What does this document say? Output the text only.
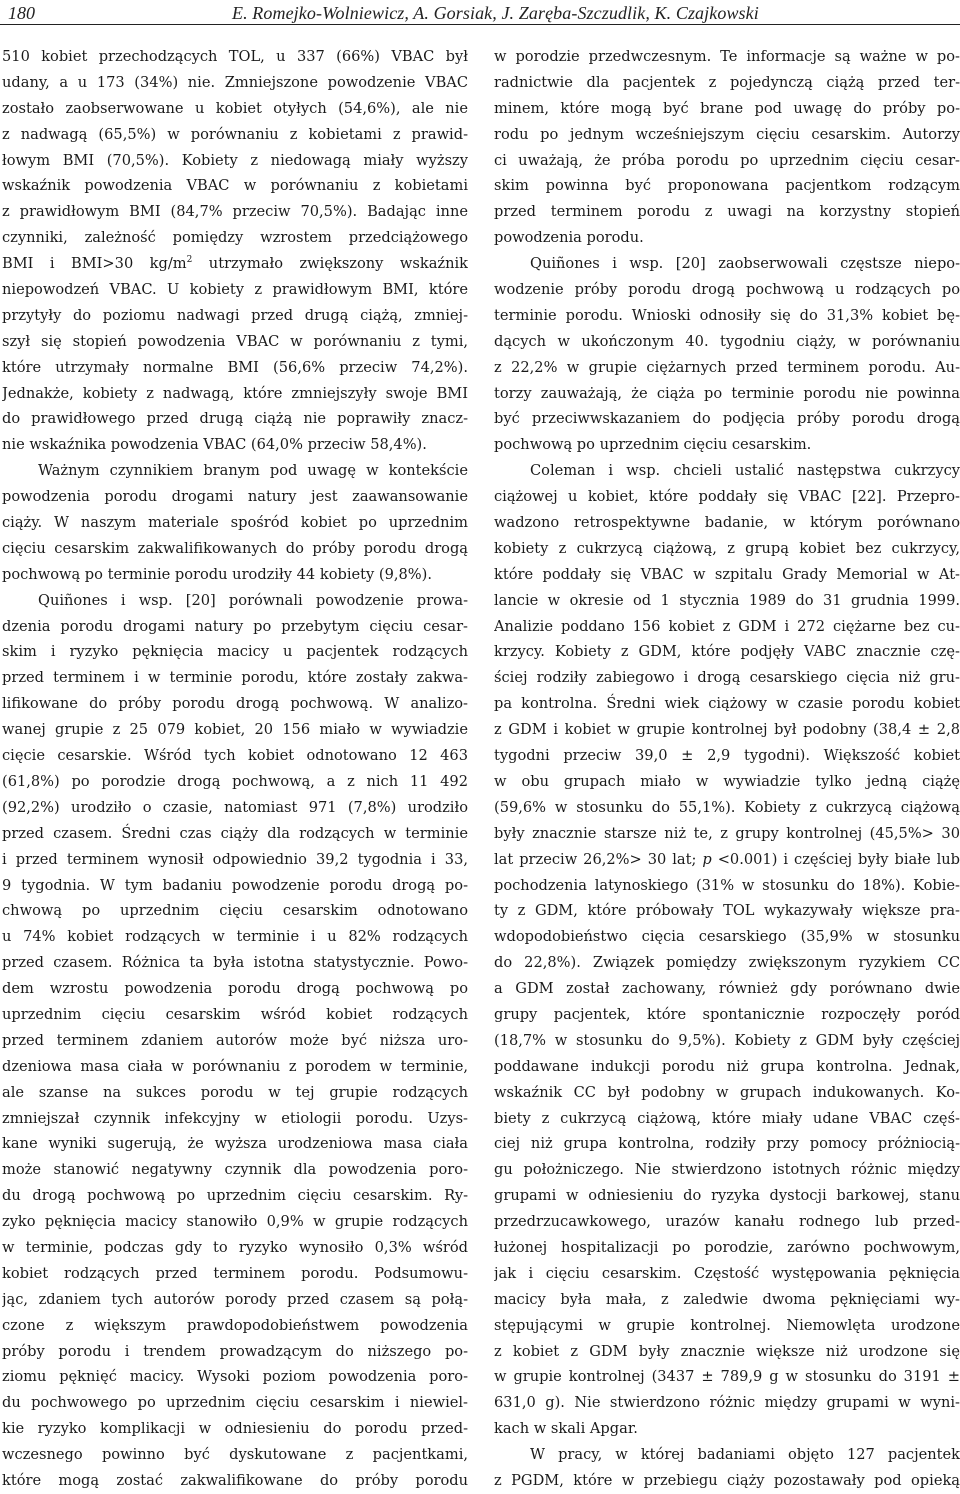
180	E. Romejko-Wolniewicz, A. Gorsiak, J. Zaręba-Szczudlik, K. Czajkowski
510 kobiet przechodzących TOL, u 337 (66%) VBAC był
udany, a u 173 (34%) nie. Zmniejszone powodzenie VBAC
zostało zaobserwowane u kobiet otyłych (54,6%), ale nie
z nadwagą (65,5%) w porównaniu z kobietami z prawid-
łowym BMI (70,5%). Kobiety z niedowagą miały wyższy
wskaźnik powodzenia VBAC w porównaniu z kobietami
z prawidłowym BMI (84,7% przeciw 70,5%). Badając inne
czynniki, zależność pomiędzy wzrostem przedciążowego
BMI i BMI>30 $kg/m^2$ utrzymało zwiększony wskaźnik
niepowodzeń VBAC. U kobiety z prawidłowym BMI, które
przytyły do poziomu nadwagi przed drugą ciążą, zmniej-
szył się stopień powodzenia VBAC w porównaniu z tymi,
które utrzymały normalne BMI (56,6% przeciw 74,2%).
Jednakże, kobiety z nadwagą, które zmniejszyły swoje BMI
do prawidłowego przed drugą ciążą nie poprawiły znacz-
nie wskaźnika powodzenia VBAC (64,0% przeciw 58,4%).
Ważnym czynnikiem branym pod uwagę w kontekście
powodzenia porodu drogami natury jest zaawansowanie
ciąży. W naszym materiale spośród kobiet po uprzednim
cięciu cesarskim zakwalifikowanych do próby porodu drogą
pochwową po terminie porodu urodziły 44 kobiety (9,8%).
Quiñones i wsp. [20] porównali powodzenie prowa-
dzenia porodu drogami natury po przebytym cięciu cesar-
skim i ryzyko pęknięcia macicy u pacjentek rodzących
przed terminem i w terminie porodu, które zostały zakwa-
lifikowane do próby porodu drogą pochwową. W analizo-
wanej grupie z 25 079 kobiet, 20 156 miało w wywiadzie
cięcie cesarskie. Wśród tych kobiet odnotowano 12 463
(61,8%) po porodzie drogą pochwową, a z nich 11 492
(92,2%) urodziło o czasie, natomiast 971 (7,8%) urodziło
przed czasem. Średni czas ciąży dla rodzących w terminie
i przed terminem wynosił odpowiednio 39,2 tygodnia i 33,
9 tygodnia. W tym badaniu powodzenie porodu drogą po-
chwową po uprzednim cięciu cesarskim odnotowano
u 74% kobiet rodzących w terminie i u 82% rodzących
przed czasem. Różnica ta była istotna statystycznie. Powo-
dem wzrostu powodzenia porodu drogą pochwową po
uprzednim cięciu cesarskim wśród kobiet rodzących
przed terminem zdaniem autorów może być niższa uro-
dzeniowa masa ciała w porównaniu z porodem w terminie,
ale szanse na sukces porodu w tej grupie rodzących
zmniejszał czynnik infekcyjny w etiologii porodu. Uzys-
kane wyniki sugerują, że wyższa urodzeniowa masa ciała
może stanowić negatywny czynnik dla powodzenia poro-
du drogą pochwową po uprzednim cięciu cesarskim. Ry-
zyko pęknięcia macicy stanowiło 0,9% w grupie rodzących
w terminie, podczas gdy to ryzyko wynosiło 0,3% wśród
kobiet rodzących przed terminem porodu. Podsumowu-
jąc, zdaniem tych autorów porody przed czasem są połą-
czone z większym prawdopodobieństwem powodzenia
próby porodu i trendem prowadzącym do niższego po-
ziomu pęknięć macicy. Wysoki poziom powodzenia poro-
du pochwowego po uprzednim cięciu cesarskim i niewiel-
kie ryzyko komplikacji w odniesieniu do porodu przed-
wczesnego powinno być dyskutowane z pacjentkami,
które mogą zostać zakwalifikowane do próby porodu
w porodzie przedwczesnym. Te informacje są ważne w po-
radnictwie dla pacjentek z pojedynczą ciążą przed ter-
minem, które mogą być brane pod uwagę do próby po-
rodu po jednym wcześniejszym cięciu cesarskim. Autorzy
ci uważają, że próba porodu po uprzednim cięciu cesar-
skim powinna być proponowana pacjentkom rodzącym
przed terminem porodu z uwagi na korzystny stopień
powodzenia porodu.
Quiñones i wsp. [20] zaobserwowali częstsze niepo-
wodzenie próby porodu drogą pochwową u rodzących po
terminie porodu. Wnioski odnosiły się do 31,3% kobiet bę-
dących w ukończonym 40. tygodniu ciąży, w porównaniu
z 22,2% w grupie ciężarnych przed terminem porodu. Au-
torzy zauważają, że ciąża po terminie porodu nie powinna
być przeciwwskazaniem do podjęcia próby porodu drogą
pochwową po uprzednim cięciu cesarskim.
Coleman i wsp. chcieli ustalić następstwa cukrzycy
ciążowej u kobiet, które poddały się VBAC [22]. Przepro-
wadzono retrospektywne badanie, w którym porównano
kobiety z cukrzycą ciążową, z grupą kobiet bez cukrzycy,
które poddały się VBAC w szpitalu Grady Memorial w At-
lancie w okresie od 1 stycznia 1989 do 31 grudnia 1999.
Analizie poddano 156 kobiet z GDM i 272 ciężarne bez cu-
krzycy. Kobiety z GDM, które podjęły VABC znacznie czę-
ściej rodziły zabiegowo i drogą cesarskiego cięcia niż gru-
pa kontrolna. Średni wiek ciążowy w czasie porodu kobiet
z GDM i kobiet w grupie kontrolnej był podobny (38,4 ± 2,8
tygodni przeciw 39,0 ± 2,9 tygodni). Większość kobiet
w obu grupach miało w wywiadzie tylko jedną ciążę
(59,6% w stosunku do 55,1%). Kobiety z cukrzycą ciążową
były znacznie starsze niż te, z grupy kontrolnej (45,5%> 30
lat przeciw 26,2%> 30 lat; p <0.001) i częściej były białe lub
pochodzenia latynoskiego (31% w stosunku do 18%). Kobie-
ty z GDM, które próbowały TOL wykazywały większe pra-
wdopodobieństwo cięcia cesarskiego (35,9% w stosunku
do 22,8%). Związek pomiędzy zwiększonym ryzykiem CC
a GDM został zachowany, również gdy porównano dwie
grupy pacjentek, które spontanicznie rozpoczęły poród
(18,7% w stosunku do 9,5%). Kobiety z GDM były częściej
poddawane indukcji porodu niż grupa kontrolna. Jednak,
wskaźnik CC był podobny w grupach indukowanych. Ko-
biety z cukrzycą ciążową, które miały udane VBAC częś-
ciej niż grupa kontrolna, rodziły przy pomocy próżniocią-
gu położniczego. Nie stwierdzono istotnych różnic między
grupami w odniesieniu do ryzyka dystocji barkowej, stanu
przedrzucawkowego, urazów kanału rodnego lub przed-
łużonej hospitalizacji po porodzie, zarówno pochwowym,
jak i cięciu cesarskim. Częstość występowania pęknięcia
macicy była mała, z zaledwie dwoma pęknięciami wy-
stępującymi w grupie kontrolnej. Niemowlęta urodzone
z kobiet z GDM były znacznie większe niż urodzone się
w grupie kontrolnej (3437 ± 789,9 g w stosunku do 3191 ±
631,0 g). Nie stwierdzono różnic między grupami w wyni-
kach w skali Apgar.
W pracy, w której badaniami objęto 127 pacjentek
z PGDM, które w przebiegu ciąży pozostawały pod opieką
